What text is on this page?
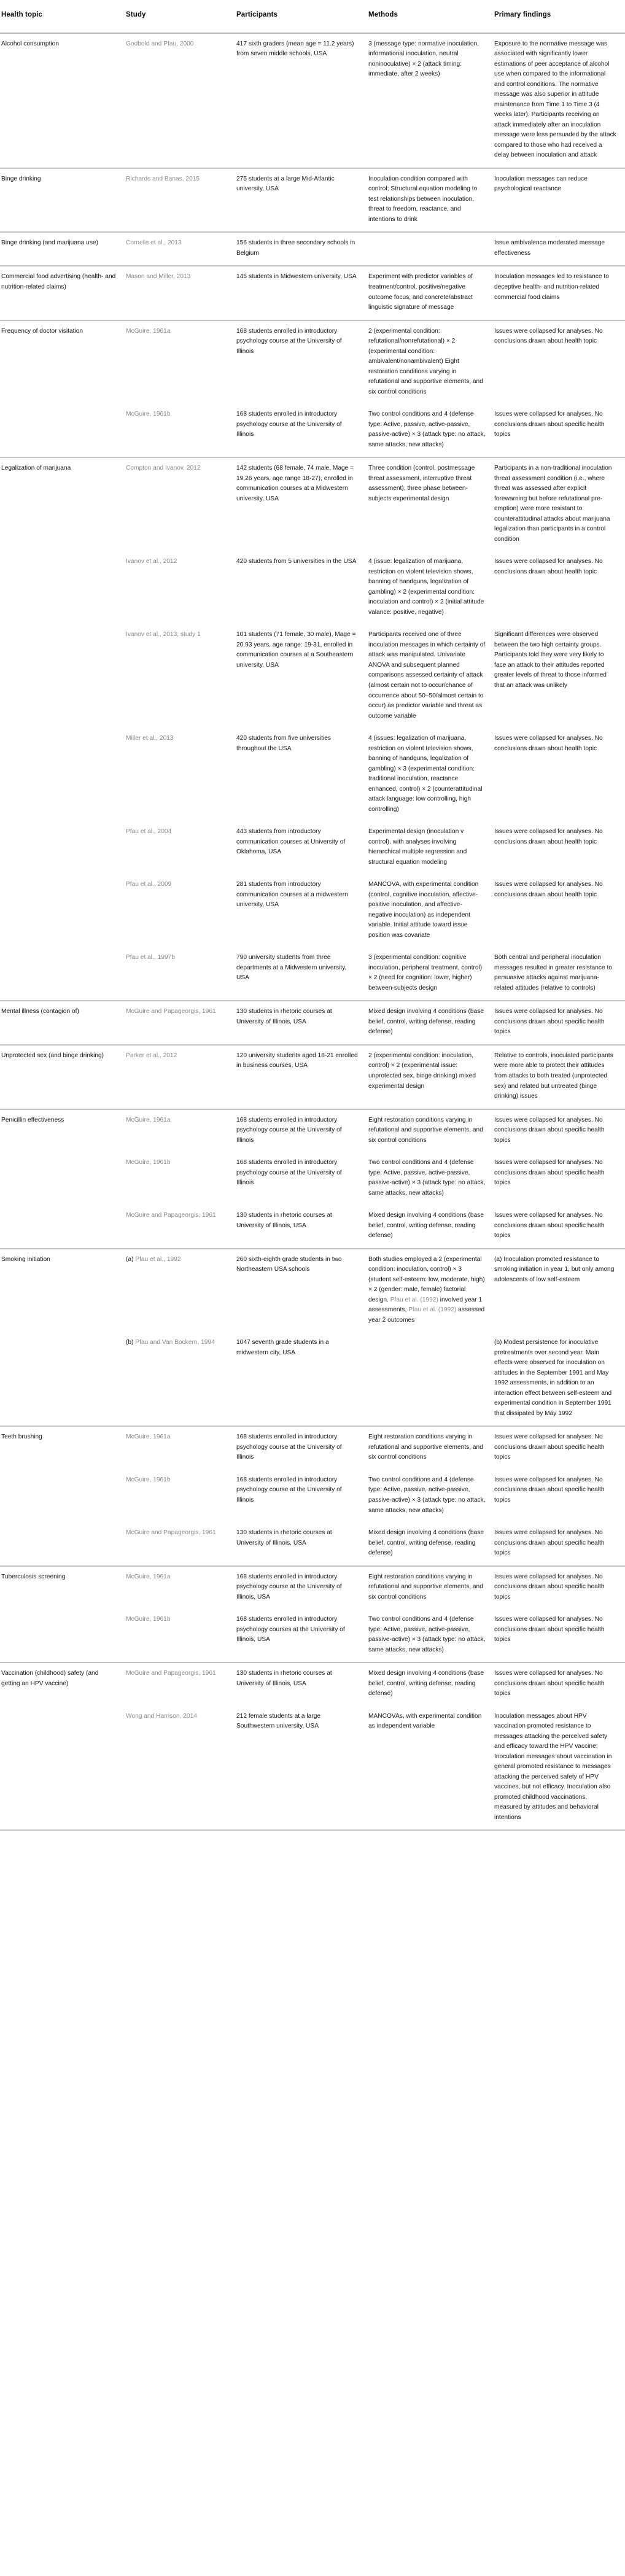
Health topic	Study	Participants	Methods	Primary findings
Alcohol consumption	Godbold and Pfau, 2000	417 sixth graders (mean age = 11.2 years) from seven middle schools, USA	3 (message type: normative inoculation, informational inoculation, neutral noninoculative) × 2 (attack timing: immediate, after 2 weeks)	Exposure to the normative message was associated with significantly lower estimations of peer acceptance of alcohol use when compared to the informational and control conditions. The normative message was also superior in attitude maintenance from Time 1 to Time 3 (4 weeks later). Participants receiving an attack immediately after an inoculation message were less persuaded by the attack compared to those who had received a delay between inoculation and attack
Binge drinking	Richards and Banas, 2015	275 students at a large Mid-Atlantic university, USA	Inoculation condition compared with control; Structural equation modeling to test relationships between inoculation, threat to freedom, reactance, and intentions to drink	Inoculation messages can reduce psychological reactance
Binge drinking (and marijuana use)	Cornelis et al., 2013	156 students in three secondary schools in Belgium		Issue ambivalence moderated message effectiveness
Commercial food advertising (health- and nutrition-related claims)	Mason and Miller, 2013	145 students in Midwestern university, USA	Experiment with predictor variables of treatment/control, positive/negative outcome focus, and concrete/abstract linguistic signature of message	Inoculation messages led to resistance to deceptive health- and nutrition-related commercial food claims
Frequency of doctor visitation	McGuire, 1961a	168 students enrolled in introductory psychology course at the University of Illinois	2 (experimental condition: refutational/nonrefutational) × 2 (experimental condition: ambivalent/nonambivalent) Eight restoration conditions varying in refutational and supportive elements, and six control conditions	Issues were collapsed for analyses. No conclusions drawn about health topic
	McGuire, 1961b	168 students enrolled in introductory psychology course at the University of Illinois	Two control conditions and 4 (defense type: Active, passive, active-passive, passive-active) × 3 (attack type: no attack, same attacks, new attacks)	Issues were collapsed for analyses. No conclusions drawn about specific health topics
Legalization of marijuana	Compton and Ivanov, 2012	142 students (68 female, 74 male, Mage = 19.26 years, age range 18-27), enrolled in communication courses at a Midwestern university, USA	Three condition (control, postmessage threat assessment, interruptive threat assessment), three phase between-subjects experimental design	Participants in a non-traditional inoculation threat assessment condition (i.e., where threat was assessed after explicit forewarning but before refutational pre-emption) were more resistant to counterattitudinal attacks about marijuana legalization than participants in a control condition
	Ivanov et al., 2012	420 students from 5 universities in the USA	4 (issue: legalization of marijuana, restriction on violent television shows, banning of handguns, legalization of gambling) × 2 (experimental condition: inoculation and control) × 2 (initial attitude valance: positive, negative)	Issues were collapsed for analyses. No conclusions drawn about health topic
	Ivanov et al., 2013; study 1	101 students (71 female, 30 male), Mage = 20.93 years, age range: 19-31, enrolled in communication courses at a Southeastern university, USA	Participants received one of three inoculation messages in which certainty of attack was manipulated. Univariate ANOVA and subsequent planned comparisons assessed certainty of attack (almost certain not to occur/chance of occurrence about 50–50/almost certain to occur) as predictor variable and threat as outcome variable	Significant differences were observed between the two high certainty groups. Participants told they were very likely to face an attack to their attitudes reported greater levels of threat to those informed that an attack was unlikely
	Miller et al., 2013	420 students from five universities throughout the USA	4 (issues: legalization of marijuana, restriction on violent television shows, banning of handguns, legalization of gambling) × 3 (experimental condition: traditional inoculation, reactance enhanced, control) × 2 (counterattitudinal attack language: low controlling, high controlling)	Issues were collapsed for analyses. No conclusions drawn about health topic
	Pfau et al., 2004	443 students from introductory communication courses at University of Oklahoma, USA	Experimental design (inoculation v control), with analyses involving hierarchical multiple regression and structural equation modeling	Issues were collapsed for analyses. No conclusions drawn about health topic
	Pfau et al., 2009	281 students from introductory communication courses at a midwestern university, USA	MANCOVA, with experimental condition (control, cognitive inoculation, affective-positive inoculation, and affective-negative inoculation) as independent variable. Initial attitude toward issue position was covariate	Issues were collapsed for analyses. No conclusions drawn about health topic
	Pfau et al., 1997b	790 university students from three departments at a Midwestern university, USA	3 (experimental condition: cognitive inoculation, peripheral treatment, control) × 2 (need for cognition: lower, higher) between-subjects design	Both central and peripheral inoculation messages resulted in greater resistance to persuasive attacks against marijuana-related attitudes (relative to controls)
Mental illness (contagion of)	McGuire and Papageorgis, 1961	130 students in rhetoric courses at University of Illinois, USA	Mixed design involving 4 conditions (base belief, control, writing defense, reading defense)	Issues were collapsed for analyses. No conclusions drawn about specific health topics
Unprotected sex (and binge drinking)	Parker et al., 2012	120 university students aged 18-21 enrolled in business courses, USA	2 (experimental condition: inoculation, control) × 2 (experimental issue: unprotected sex, binge drinking) mixed experimental design	Relative to controls, inoculated participants were more able to protect their attitudes from attacks to both treated (unprotected sex) and related but untreated (binge drinking) issues
Penicillin effectiveness	McGuire, 1961a	168 students enrolled in introductory psychology course at the University of Illinois	Eight restoration conditions varying in refutational and supportive elements, and six control conditions	Issues were collapsed for analyses. No conclusions drawn about specific health topics
	McGuire, 1961b	168 students enrolled in introductory psychology course at the University of Illinois	Two control conditions and 4 (defense type: Active, passive, active-passive, passive-active) × 3 (attack type: no attack, same attacks, new attacks)	Issues were collapsed for analyses. No conclusions drawn about specific health topics
	McGuire and Papageorgis, 1961	130 students in rhetoric courses at University of Illinois, USA	Mixed design involving 4 conditions (base belief, control, writing defense, reading defense)	Issues were collapsed for analyses. No conclusions drawn about specific health topics
Smoking initiation	(a) Pfau et al., 1992	260 sixth-eighth grade students in two Northeastern USA schools	Both studies employed a 2 (experimental condition: inoculation, control) × 3 (student self-esteem: low, moderate, high) × 2 (gender: male, female) factorial design. Pfau et al. (1992) involved year 1 assessments, Pfau et al. (1992) assessed year 2 outcomes	(a) Inoculation promoted resistance to smoking initiation in year 1, but only among adolescents of low self-esteem
	(b) Pfau and Van Bockern, 1994	1047 seventh grade students in a midwestern city, USA		(b) Modest persistence for inoculative pretreatments over second year. Main effects were observed for inoculation on attitudes in the September 1991 and May 1992 assessments, in addition to an interaction effect between self-esteem and experimental condition in September 1991 that dissipated by May 1992
Teeth brushing	McGuire, 1961a	168 students enrolled in introductory psychology course at the University of Illinois	Eight restoration conditions varying in refutational and supportive elements, and six control conditions	Issues were collapsed for analyses. No conclusions drawn about specific health topics
	McGuire, 1961b	168 students enrolled in introductory psychology course at the University of Illinois	Two control conditions and 4 (defense type: Active, passive, active-passive, passive-active) × 3 (attack type: no attack, same attacks, new attacks)	Issues were collapsed for analyses. No conclusions drawn about specific health topics
	McGuire and Papageorgis, 1961	130 students in rhetoric courses at University of Illinois, USA	Mixed design involving 4 conditions (base belief, control, writing defense, reading defense)	Issues were collapsed for analyses. No conclusions drawn about specific health topics
Tuberculosis screening	McGuire, 1961a	168 students enrolled in introductory psychology course at the University of Illinois, USA	Eight restoration conditions varying in refutational and supportive elements, and six control conditions	Issues were collapsed for analyses. No conclusions drawn about specific health topics
	McGuire, 1961b	168 students enrolled in introductory psychology courses at the University of Illinois, USA	Two control conditions and 4 (defense type: Active, passive, active-passive, passive-active) × 3 (attack type: no attack, same attacks, new attacks)	Issues were collapsed for analyses. No conclusions drawn about specific health topics
Vaccination (childhood) safety (and getting an HPV vaccine)	McGuire and Papageorgis, 1961	130 students in rhetoric courses at University of Illinois, USA	Mixed design involving 4 conditions (base belief, control, writing defense, reading defense)	Issues were collapsed for analyses. No conclusions drawn about specific health topics
	Wong and Harrison, 2014	212 female students at a large Southwestern university, USA	MANCOVAs, with experimental condition as independent variable	Inoculation messages about HPV vaccination promoted resistance to messages attacking the perceived safety and efficacy toward the HPV vaccine; Inoculation messages about vaccination in general promoted resistance to messages attacking the perceived safety of HPV vaccines, but not efficacy. Inoculation also promoted childhood vaccinations, measured by attitudes and behavioral intentions
